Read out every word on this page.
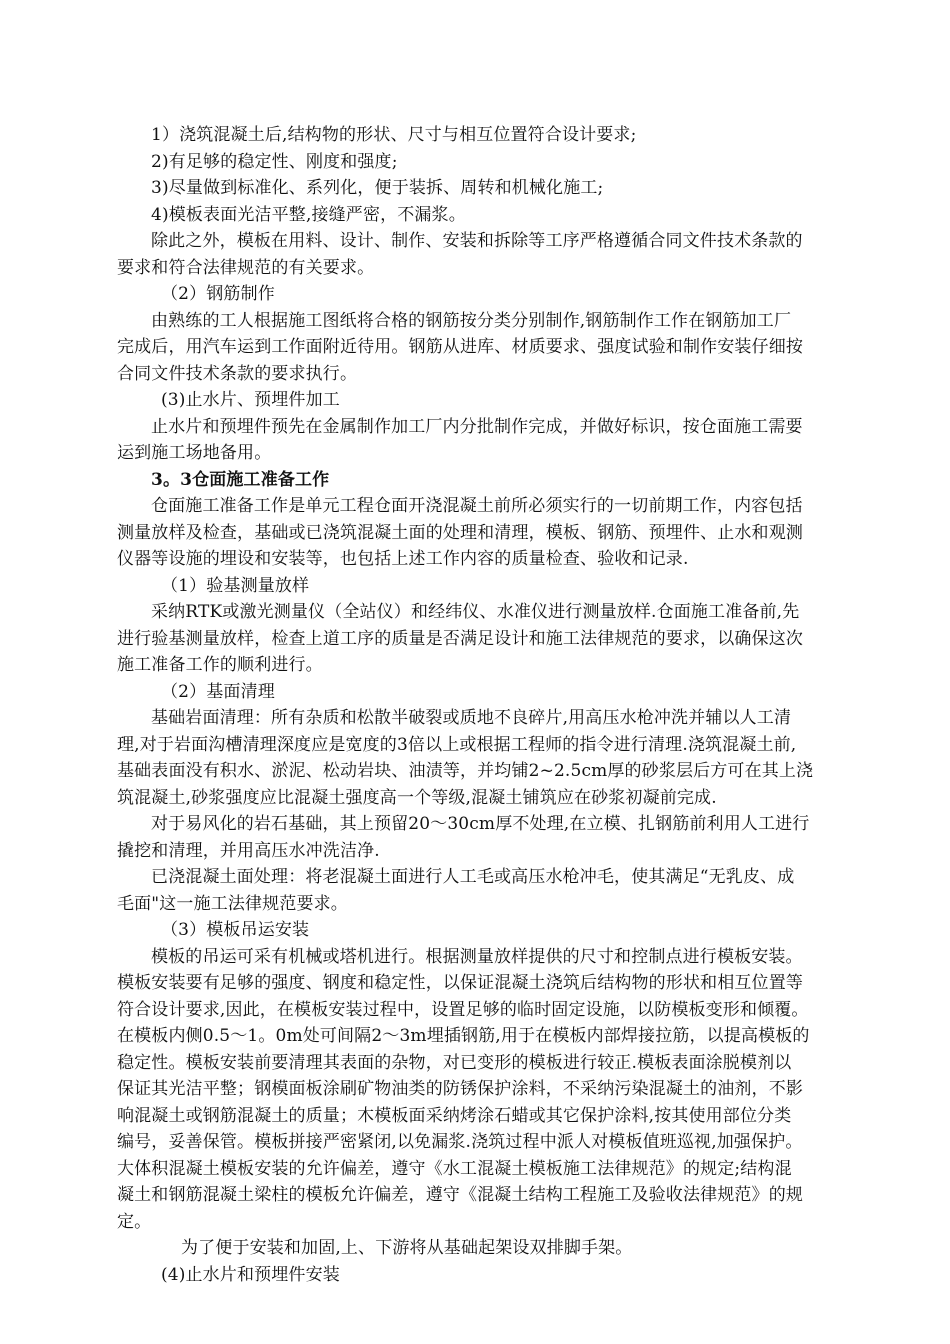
1）浇筑混凝土后,结构物的形状、尺寸与相互位置符合设计要求;
2)有足够的稳定性、刚度和强度;
3)尽量做到标准化、系列化，便于装拆、周转和机械化施工;
4)模板表面光洁平整,接缝严密，不漏浆。
除此之外，模板在用料、设计、制作、安装和拆除等工序严格遵循合同文件技术条款的
要求和符合法律规范的有关要求。
（2）钢筋制作
由熟练的工人根据施工图纸将合格的钢筋按分类分别制作,钢筋制作工作在钢筋加工厂
完成后，用汽车运到工作面附近待用。钢筋从进库、材质要求、强度试验和制作安装仔细按
合同文件技术条款的要求执行。
(3)止水片、预埋件加工
止水片和预埋件预先在金属制作加工厂内分批制作完成，并做好标识，按仓面施工需要
运到施工场地备用。
3。3仓面施工准备工作
仓面施工准备工作是单元工程仓面开浇混凝土前所必须实行的一切前期工作，内容包括
测量放样及检查，基础或已浇筑混凝土面的处理和清理，模板、钢筋、预埋件、止水和观测
仪器等设施的埋设和安装等，也包括上述工作内容的质量检查、验收和记录.
（1）验基测量放样
采纳RTK或激光测量仪（全站仪）和经纬仪、水准仪进行测量放样.仓面施工准备前,先
进行验基测量放样，检查上道工序的质量是否满足设计和施工法律规范的要求，以确保这次
施工准备工作的顺利进行。
（2）基面清理
基础岩面清理：所有杂质和松散半破裂或质地不良碎片,用高压水枪冲洗并辅以人工清
理,对于岩面沟槽清理深度应是宽度的3倍以上或根据工程师的指令进行清理.浇筑混凝土前,
基础表面没有积水、淤泥、松动岩块、油渍等，并均铺2~2.5cm厚的砂浆层后方可在其上浇
筑混凝土,砂浆强度应比混凝土强度高一个等级,混凝土铺筑应在砂浆初凝前完成.
对于易风化的岩石基础，其上预留20～30cm厚不处理,在立模、扎钢筋前利用人工进行
撬挖和清理，并用高压水冲洗洁净.
已浇混凝土面处理：将老混凝土面进行人工毛或高压水枪冲毛，使其满足“无乳皮、成
毛面"这一施工法律规范要求。
（3）模板吊运安装
模板的吊运可采有机械或塔机进行。根据测量放样提供的尺寸和控制点进行模板安装。
模板安装要有足够的强度、钢度和稳定性，以保证混凝土浇筑后结构物的形状和相互位置等
符合设计要求,因此，在模板安装过程中，设置足够的临时固定设施，以防模板变形和倾覆。
在模板内侧0.5～1。0m处可间隔2～3m埋插钢筋,用于在模板内部焊接拉筋，以提高模板的
稳定性。模板安装前要清理其表面的杂物，对已变形的模板进行较正.模板表面涂脱模剂以
保证其光洁平整；钢模面板涂刷矿物油类的防锈保护涂料，不采纳污染混凝土的油剂，不影
响混凝土或钢筋混凝土的质量；木模板面采纳烤涂石蜡或其它保护涂料,按其使用部位分类
编号，妥善保管。模板拼接严密紧闭,以免漏浆.浇筑过程中派人对模板值班巡视,加强保护。
大体积混凝土模板安装的允许偏差，遵守《水工混凝土模板施工法律规范》的规定;结构混
凝土和钢筋混凝土梁柱的模板允许偏差，遵守《混凝土结构工程施工及验收法律规范》的规
定。
为了便于安装和加固,上、下游将从基础起架设双排脚手架。
(4)止水片和预埋件安装
